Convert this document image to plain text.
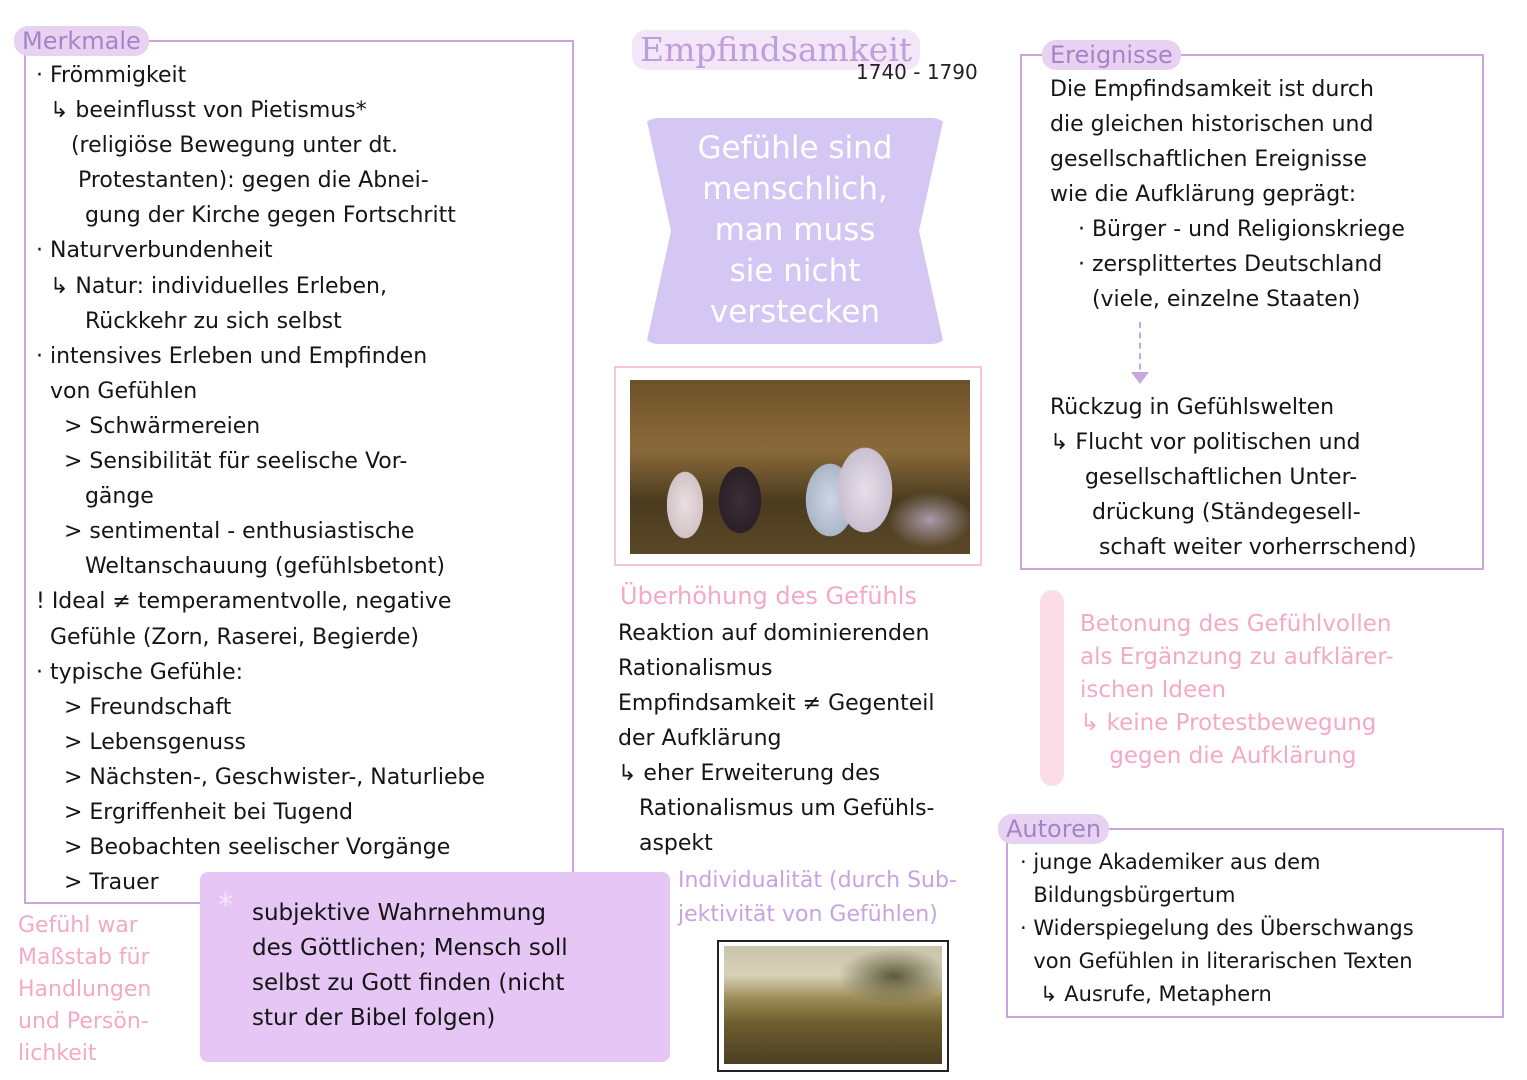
Merkmale
· Frömmigkeit
↳ beeinflusst von Pietismus*
(religiöse Bewegung unter dt.
Protestanten): gegen die Abnei-
gung der Kirche gegen Fortschritt
· Naturverbundenheit
↳ Natur: individuelles Erleben,
Rückkehr zu sich selbst
· intensives Erleben und Empfinden
von Gefühlen
> Schwärmereien
> Sensibilität für seelische Vor-
gänge
> sentimental - enthusiastische
Weltanschauung (gefühlsbetont)
! Ideal ≠ temperamentvolle, negative
Gefühle (Zorn, Raserei, Begierde)
· typische Gefühle:
> Freundschaft
> Lebensgenuss
> Nächsten-, Geschwister-, Naturliebe
> Ergriffenheit bei Tugend
> Beobachten seelischer Vorgänge
> Trauer
Gefühl war
Maßstab für
Handlungen
und Persön-
lichkeit
* subjektive Wahrnehmung
des Göttlichen; Mensch soll
selbst zu Gott finden (nicht
stur der Bibel folgen)
Empfindsamkeit
1740 - 1790
Gefühle sind
menschlich,
man muss
sie nicht
verstecken
Überhöhung des Gefühls
Reaktion auf dominierenden
Rationalismus
Empfindsamkeit ≠ Gegenteil
der Aufklärung
↳ eher Erweiterung des
Rationalismus um Gefühls-
aspekt
Individualität (durch Sub-
jektivität von Gefühlen)
Ereignisse
Die Empfindsamkeit ist durch
die gleichen historischen und
gesellschaftlichen Ereignisse
wie die Aufklärung geprägt:
· Bürger - und Religionskriege
· zersplittertes Deutschland
(viele, einzelne Staaten)
Rückzug in Gefühlswelten
↳ Flucht vor politischen und
gesellschaftlichen Unter-
drückung (Ständegesell-
schaft weiter vorherrschend)
Betonung des Gefühlvollen
als Ergänzung zu aufklärer-
ischen Ideen
↳ keine Protestbewegung
gegen die Aufklärung
Autoren
· junge Akademiker aus dem
Bildungsbürgertum
· Widerspiegelung des Überschwangs
von Gefühlen in literarischen Texten
↳ Ausrufe, Metaphern
